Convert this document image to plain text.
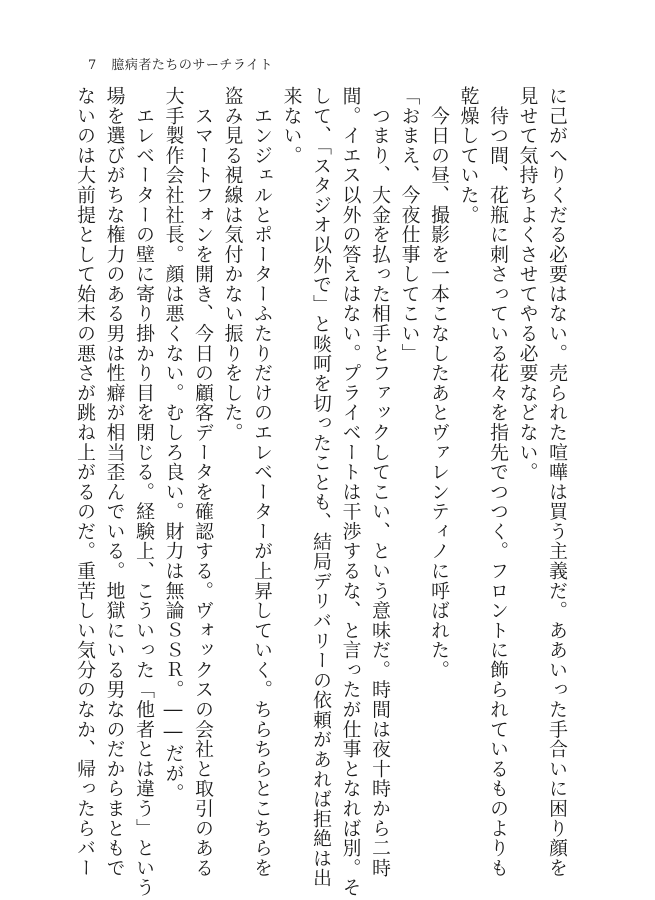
7 臆病者たちのサーチライト
に己がへりくだる必要はない。売られた喧嘩は買う主義だ。ああいった手合いに困り顔を
見せて気持ちよくさせてやる必要などない。
　待つ間、花瓶に刺さっている花々を指先でつつく。フロントに飾られているものよりも
乾燥していた。
　今日の昼、撮影を一本こなしたあとヴァレンティノに呼ばれた。
「おまえ、今夜仕事してこい」
　つまり、大金を払った相手とファックしてこい、という意味だ。時間は夜十時から二時
間。イエス以外の答えはない。プライベートは干渉するな、と言ったが仕事となれば別。そ
して、「スタジオ以外で」と啖呵を切ったことも、結局デリバリーの依頼があれば拒絶は出
来ない。
　エンジェルとポーターふたりだけのエレベーターが上昇していく。ちらちらとこちらを
盗み見る視線は気付かない振りをした。
　スマートフォンを開き、今日の顧客データを確認する。ヴォックスの会社と取引のある
大手製作会社社長。顔は悪くない。むしろ良い。財力は無論ＳＳＲ。――だが。
　エレベーターの壁に寄り掛かり目を閉じる。経験上、こういった「他者とは違う」という
場を選びがちな権力のある男は性癖が相当歪んでいる。地獄にいる男なのだからまともで
ないのは大前提として始末の悪さが跳ね上がるのだ。重苦しい気分のなか、帰ったらバー
